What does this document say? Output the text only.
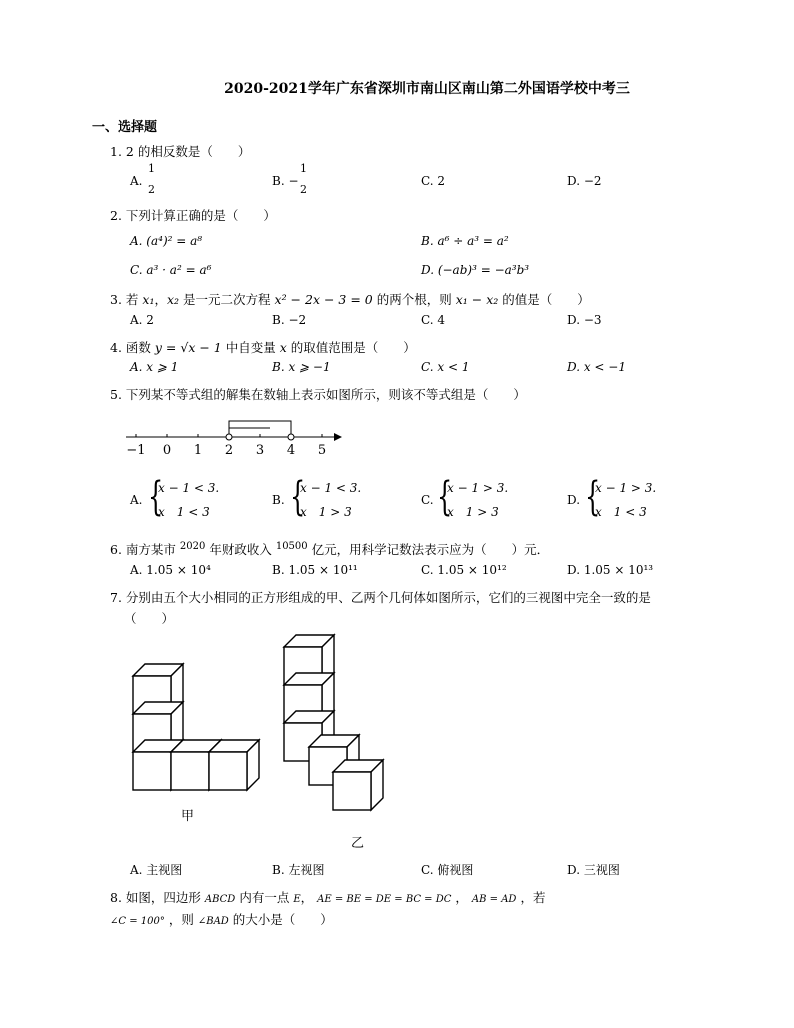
2020-2021学年广东省深圳市南山区南山第二外国语学校中考三
一、选择题
1. 2 的相反数是（　　）
A.
1
2
B. −
1
2
C. 2	D. −2
2. 下列计算正确的是（　　）
A. (a⁴)² = a⁸	B. a⁶ ÷ a³ = a²
C. a³ · a² = a⁶	D. (−ab)³ = −a³b³
3. 若 x₁，x₂ 是一元二次方程 x² − 2x − 3 = 0 的两个根，则 x₁ − x₂ 的值是（　　）
A. 2	B. −2	C. 4	D. −3
4. 函数 y = √x − 1 中自变量 x 的取值范围是（　　）
A. x ⩾ 1	B. x ⩾ −1	C. x < 1	D. x < −1
5. 下列某不等式组的解集在数轴上表示如图所示，则该不等式组是（　　）
−1 0 1 2 3 4 5
A. {
x − 1 < 3.
x　1 < 3
B. {
x − 1 < 3.
x　1 > 3
C. {
x − 1 > 3.
x　1 > 3
D. {
x − 1 > 3.
x　1 < 3
6. 南方某市 $^{2020}$ 年财政收入 $^{10500}$ 亿元，用科学记数法表示应为（　　）元．
A. 1.05 × 10⁴	B. 1.05 × 10¹¹	C. 1.05 × 10¹²	D. 1.05 × 10¹³
7. 分别由五个大小相同的正方形组成的甲、乙两个几何体如图所示，它们的三视图中完全一致的是
（　　）
甲
乙
A. 主视图	B. 左视图	C. 俯视图	D. 三视图
8. 如图，四边形 ABCD 内有一点 E， AE = BE = DE = BC = DC ， AB = AD ，若
∠C = 100° ，则 ∠BAD 的大小是（　　）
